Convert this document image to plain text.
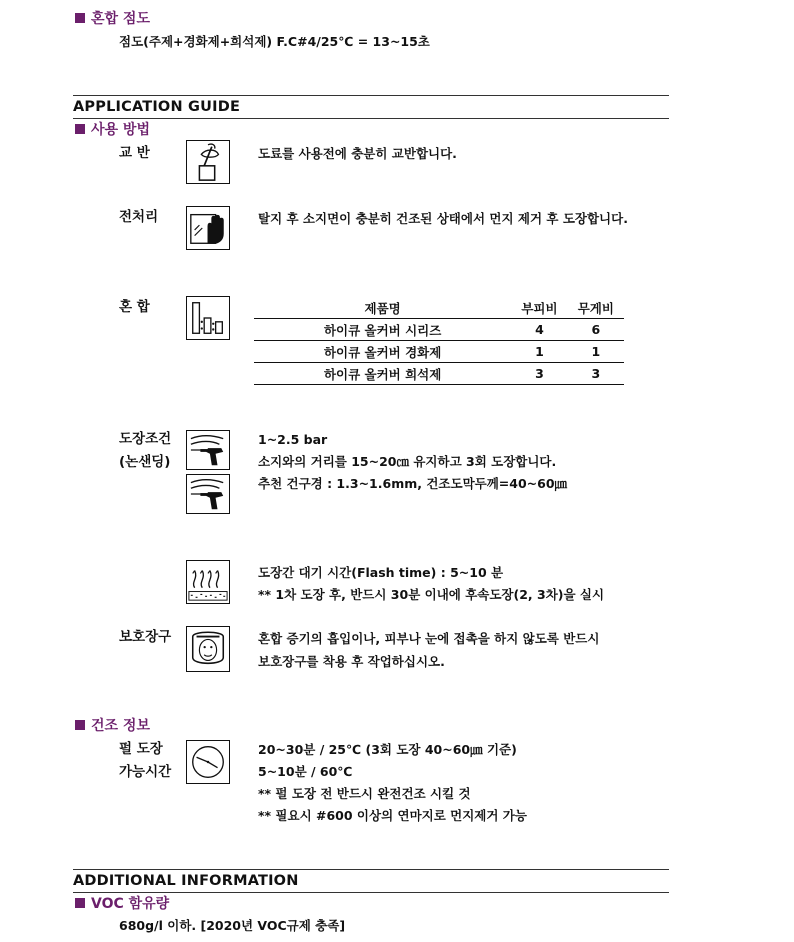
혼합 점도
점도(주제+경화제+희석제) F.C#4/25℃ = 13~15초
APPLICATION GUIDE
사용 방법
교 반	도료를 사용전에 충분히 교반합니다.
전처리	탈지 후 소지면이 충분히 건조된 상태에서 먼지 제거 후 도장합니다.
혼 합	제품명	부피비	무게비
하이큐 올커버 시리즈	4	6
하이큐 올커버 경화제	1	1
하이큐 올커버 희석제	3	3
도장조건
(논샌딩)
1~2.5 bar
소지와의 거리를 15~20㎝ 유지하고 3회 도장합니다.
추천 건구경 : 1.3~1.6mm, 건조도막두께=40~60㎛
도장간 대기 시간(Flash time) : 5~10 분
** 1차 도장 후, 반드시 30분 이내에 후속도장(2, 3차)을 실시
보호장구	혼합 증기의 흡입이나, 피부나 눈에 접촉을 하지 않도록 반드시
보호장구를 착용 후 작업하십시오.
건조 정보
펄 도장
가능시간
20~30분 / 25℃ (3회 도장 40~60㎛ 기준)
5~10분 / 60℃
** 펄 도장 전 반드시 완전건조 시킬 것
** 필요시 #600 이상의 연마지로 먼지제거 가능
ADDITIONAL INFORMATION
VOC 함유량
680g/l 이하. [2020년 VOC규제 충족]
